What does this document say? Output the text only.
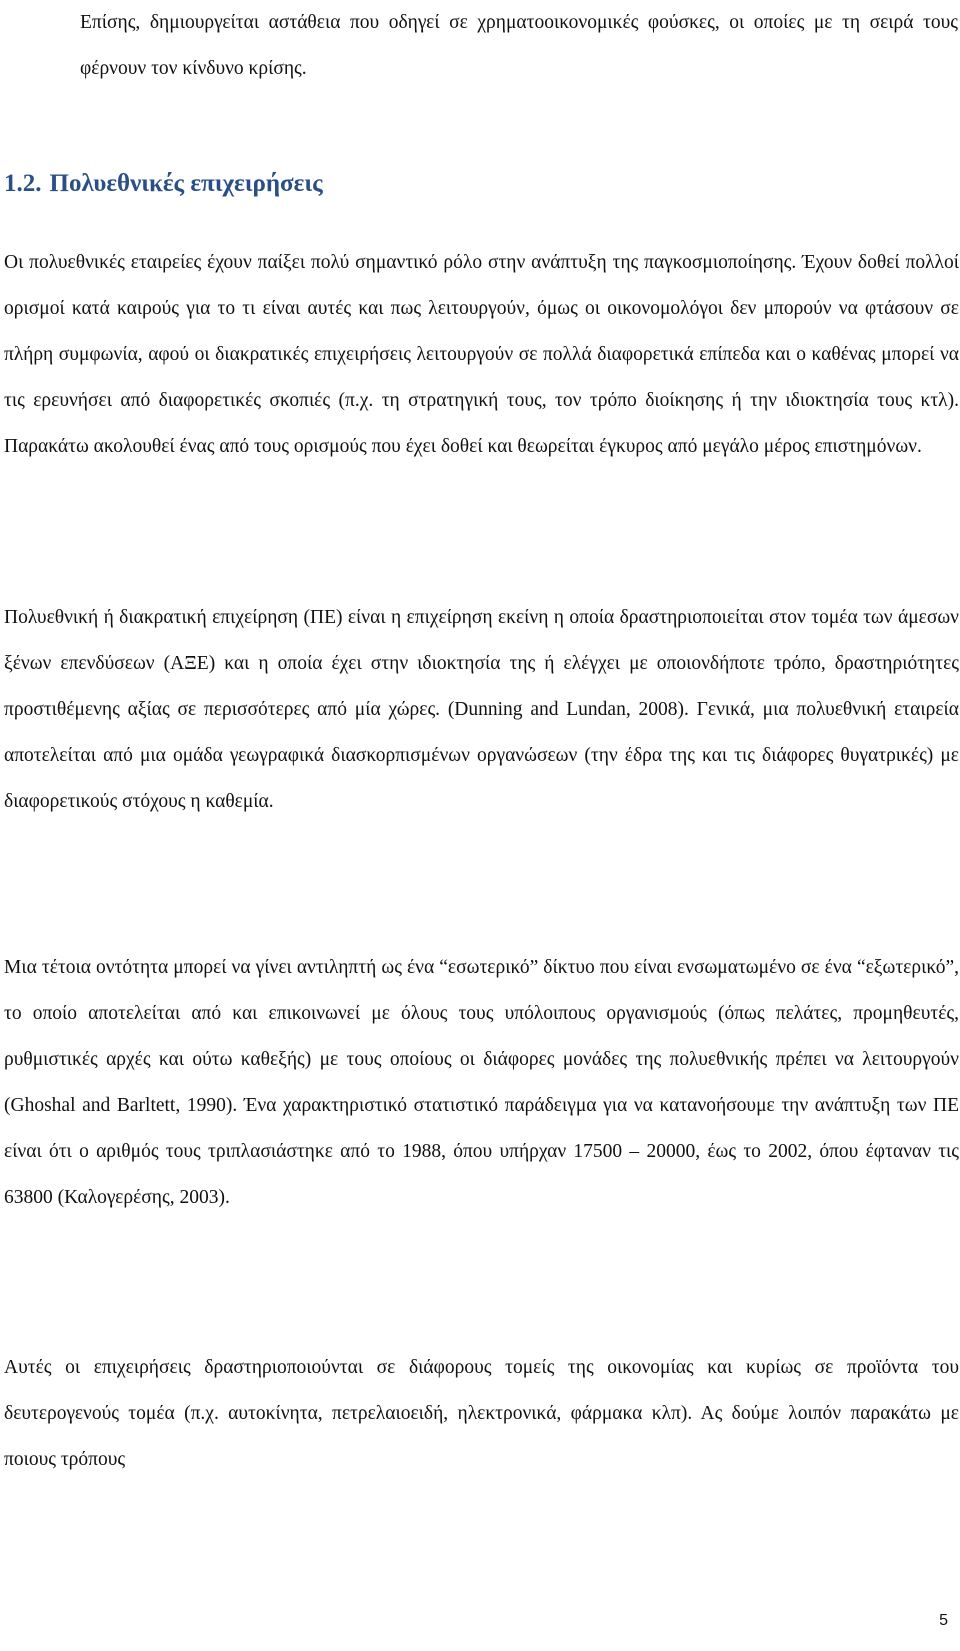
Επίσης, δημιουργείται αστάθεια που οδηγεί σε χρηματοοικονομικές φούσκες, οι οποίες με τη σειρά τους φέρνουν τον κίνδυνο κρίσης.

1.2. Πολυεθνικές επιχειρήσεις

Οι πολυεθνικές εταιρείες έχουν παίξει πολύ σημαντικό ρόλο στην ανάπτυξη της παγκοσμιοποίησης. Έχουν δοθεί πολλοί ορισμοί κατά καιρούς για το τι είναι αυτές και πως λειτουργούν, όμως οι οικονομολόγοι δεν μπορούν να φτάσουν σε πλήρη συμφωνία, αφού οι διακρατικές επιχειρήσεις λειτουργούν σε πολλά διαφορετικά επίπεδα και ο καθένας μπορεί να τις ερευνήσει από διαφορετικές σκοπιές (π.χ. τη στρατηγική τους, τον τρόπο διοίκησης ή την ιδιοκτησία τους κτλ). Παρακάτω ακολουθεί ένας από τους ορισμούς που έχει δοθεί και θεωρείται έγκυρος από μεγάλο μέρος επιστημόνων.

Πολυεθνική ή διακρατική επιχείρηση (ΠΕ) είναι η επιχείρηση εκείνη η οποία δραστηριοποιείται στον τομέα των άμεσων ξένων επενδύσεων (ΑΞΕ) και η οποία έχει στην ιδιοκτησία της ή ελέγχει με οποιονδήποτε τρόπο, δραστηριότητες προστιθέμενης αξίας σε περισσότερες από μία χώρες. (Dunning and Lundan, 2008). Γενικά, μια πολυεθνική εταιρεία αποτελείται από μια ομάδα γεωγραφικά διασκορπισμένων οργανώσεων (την έδρα της και τις διάφορες θυγατρικές) με διαφορετικούς στόχους η καθεμία.

Μια τέτοια οντότητα μπορεί να γίνει αντιληπτή ως ένα “εσωτερικό” δίκτυο που είναι ενσωματωμένο σε ένα “εξωτερικό”, το οποίο αποτελείται από και επικοινωνεί με όλους τους υπόλοιπους οργανισμούς (όπως πελάτες, προμηθευτές, ρυθμιστικές αρχές και ούτω καθεξής) με τους οποίους οι διάφορες μονάδες της πολυεθνικής πρέπει να λειτουργούν (Ghoshal and Barltett, 1990). Ένα χαρακτηριστικό στατιστικό παράδειγμα για να κατανοήσουμε την ανάπτυξη των ΠΕ είναι ότι ο αριθμός τους τριπλασιάστηκε από το 1988, όπου υπήρχαν 17500 – 20000, έως το 2002, όπου έφταναν τις 63800 (Καλογερέσης, 2003).

Αυτές οι επιχειρήσεις δραστηριοποιούνται σε διάφορους τομείς της οικονομίας και κυρίως σε προϊόντα του δευτερογενούς τομέα (π.χ. αυτοκίνητα, πετρελαιοειδή, ηλεκτρονικά, φάρμακα κλπ). Ας δούμε λοιπόν παρακάτω με ποιους τρόπους

5
